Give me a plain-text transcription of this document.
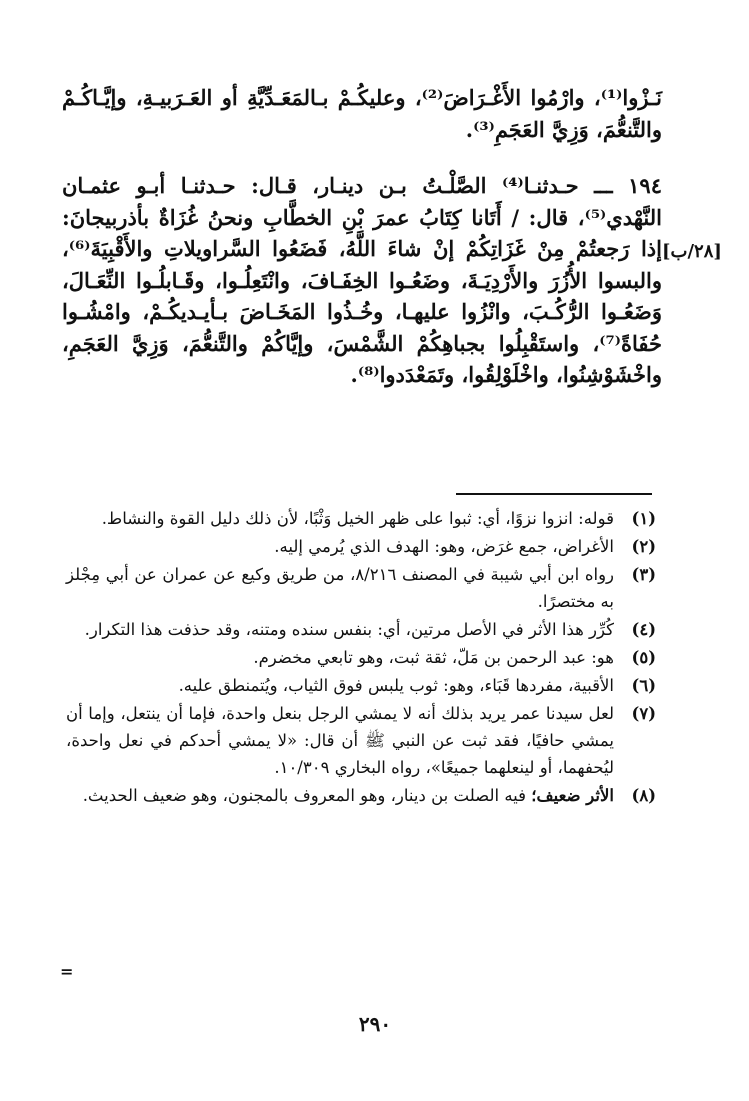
نَـزْوا⁽¹⁾، وارْمُوا الأَغْـرَاضَ⁽²⁾، وعليكُـمْ بـالمَعَـدِّيَّةِ أو العَـرَبيـةِ، وإيَّـاكُـمْ والتَّنعُّمَ، وَزِيَّ العَجَمِ⁽³⁾.

١٩٤ ـــ حـدثنـا⁽⁴⁾ الصَّلْـتُ بـن دينـار، قـال: حـدثنـا أبـو عثمـان النَّهْدي⁽⁵⁾، قال: / أَتَانا كِتَابُ عمرَ بْنِ الخطَّابِ ونحنُ غُزَاةٌ بأذربيجانَ: إذا رَجعتُمْ مِنْ غَزَاتِكُمْ إنْ شاءَ اللَّهُ، فَضَعُوا السَّراويلاتِ والأَقْبِيَةَ⁽⁶⁾، والبسوا الأُزُرَ والأَرْدِيَـةَ، وضَعُـوا الخِفَـافَ، وانْتَعِلُـوا، وقَـابلُـوا النِّعَـالَ، وَضَعُـوا الرُّكُـبَ، وانْزُوا عليهـا، وخُـذُوا المَخَـاضَ بـأيـديكُـمْ، وامْشُـوا حُفَاةً⁽⁷⁾، واستَقْبِلُوا بجباهِكُمْ الشَّمْسَ، وإيَّاكُمْ والتَّنعُّمَ، وَزِيَّ العَجَمِ، واخْشَوْشِنُوا، واخْلَوْلِقُوا، وتَمَعْدَدوا⁽⁸⁾.

[٢٨/ب]
(١)
قوله: انزوا نزوًا، أي: ثبوا على ظهر الخيل وَثْبًا، لأن ذلك دليل القوة والنشاط.
(٢)
الأغراض، جمع غرَض، وهو: الهدف الذي يُرمي إليه.
(٣)
رواه ابن أبي شيبة في المصنف ٨/٢١٦، من طريق وكيع عن عمران عن أبي مِجْلز به مختصرًا.
(٤)
كُرِّر هذا الأثر في الأصل مرتين، أي: بنفس سنده ومتنه، وقد حذفت هذا التكرار.
(٥)
هو: عبد الرحمن بن مَلّ، ثقة ثبت، وهو تابعي مخضرم.
(٦)
الأقبية، مفردها قَبَاء، وهو: ثوب يلبس فوق الثياب، ويُتمنطق عليه.
(٧)
لعل سيدنا عمر يريد بذلك أنه لا يمشي الرجل بنعل واحدة، فإما أن ينتعل، وإما أن يمشي حافيًا، فقد ثبت عن النبي ﷺ أن قال: «لا يمشي أحدكم في نعل واحدة، ليُحفهما، أو لينعلهما جميعًا»، رواه البخاري ١٠/٣٠٩.
(٨)
الأثر ضعيف؛ فيه الصلت بن دينار، وهو المعروف بالمجنون، وهو ضعيف الحديث.
=
٢٩٠
